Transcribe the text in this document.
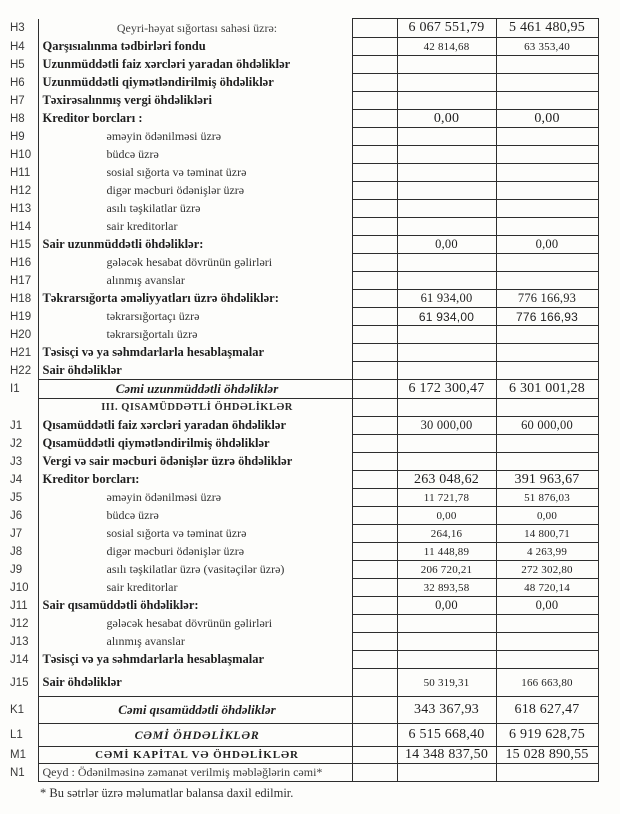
H3	Qeyri-həyat sığortası sahəsi üzrə:		6 067 551,79	5 461 480,95
H4	Qarşısıalınma tədbirləri fondu		42 814,68	63 353,40
H5	Uzunmüddətli faiz xərcləri yaradan öhdəliklər			
H6	Uzunmüddətli qiymətləndirilmiş öhdəliklər			
H7	Təxirəsalınmış vergi öhdəlikləri			
H8	Kreditor borcları :		0,00	0,00
H9	əməyin ödənilməsi üzrə			
H10	büdcə üzrə			
H11	sosial sığorta və təminat üzrə			
H12	digər məcburi ödənişlər üzrə			
H13	asılı təşkilatlar üzrə			
H14	sair kreditorlar			
H15	Sair uzunmüddətli öhdəliklər:		0,00	0,00
H16	gələcək hesabat dövrünün gəlirləri			
H17	alınmış avanslar			
H18	Təkrarsığorta əməliyyatları üzrə öhdəliklər:		61 934,00	776 166,93
H19	təkrarsığortaçı üzrə		61 934,00	776 166,93
H20	təkrarsığortalı üzrə			
H21	Təsisçi və ya səhmdarlarla hesablaşmalar			
H22	Sair öhdəliklər			
I1	Cəmi uzunmüddətli öhdəliklər		6 172 300,47	6 301 001,28
	III. QISAMÜDDƏTLİ ÖHDƏLİKLƏR			
J1	Qısamüddətli faiz xərcləri yaradan öhdəliklər		30 000,00	60 000,00
J2	Qısamüddətli qiymətləndirilmiş öhdəliklər			
J3	Vergi və sair məcburi ödənişlər üzrə öhdəliklər			
J4	Kreditor borcları:		263 048,62	391 963,67
J5	əməyin ödənilməsi üzrə		11 721,78	51 876,03
J6	büdcə üzrə		0,00	0,00
J7	sosial sığorta və təminat üzrə		264,16	14 800,71
J8	digər məcburi ödənişlər üzrə		11 448,89	4 263,99
J9	asılı təşkilatlar üzrə (vasitəçilər üzrə)		206 720,21	272 302,80
J10	sair kreditorlar		32 893,58	48 720,14
J11	Sair qısamüddətli öhdəliklər:		0,00	0,00
J12	gələcək hesabat dövrünün gəlirləri			
J13	alınmış avanslar			
J14	Təsisçi və ya səhmdarlarla hesablaşmalar			
J15	Sair öhdəliklər		50 319,31	166 663,80
K1	Cəmi qısamüddətli öhdəliklər		343 367,93	618 627,47
L1	CƏMİ ÖHDƏLİKLƏR		6 515 668,40	6 919 628,75
M1	CƏMİ KAPİTAL VƏ ÖHDƏLİKLƏR		14 348 837,50	15 028 890,55
N1	Qeyd : Ödənilməsinə zəmanət verilmiş məbləğlərin cəmi*			
* Bu sətrlər üzrə məlumatlar balansa daxil edilmir.
